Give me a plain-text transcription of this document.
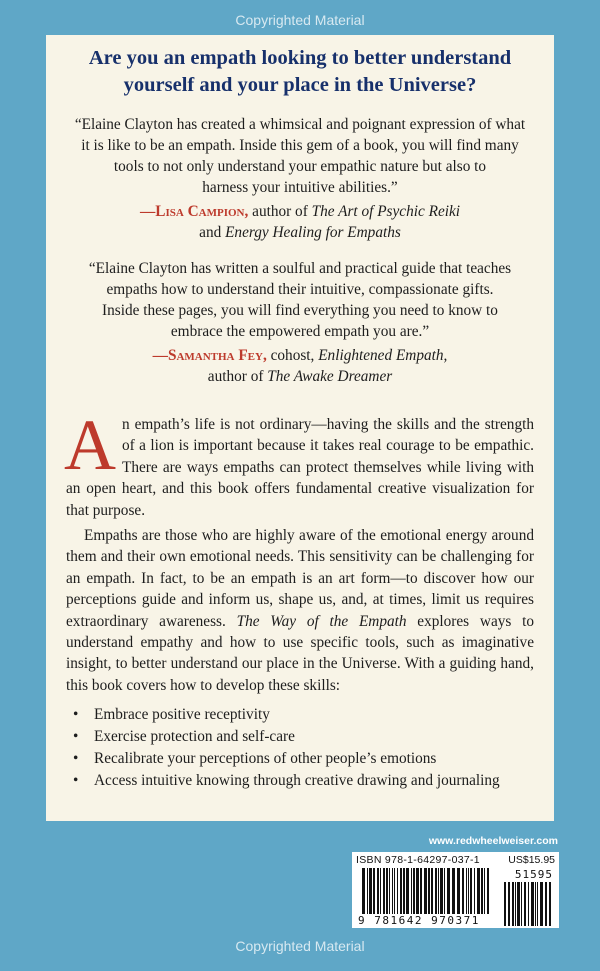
Copyrighted Material
Are you an empath looking to better understand
yourself and your place in the Universe?

“Elaine Clayton has created a whimsical and poignant expression of what
it is like to be an empath. Inside this gem of a book, you will find many
tools to not only understand your empathic nature but also to
harness your intuitive abilities.”

—Lisa Campion, author of The Art of Psychic Reiki
and Energy Healing for Empaths

“Elaine Clayton has written a soulful and practical guide that teaches
empaths how to understand their intuitive, compassionate gifts.
Inside these pages, you will find everything you need to know to
embrace the empowered empath you are.”

—Samantha Fey, cohost, Enlightened Empath,
author of The Awake Dreamer

An empath’s life is not ordinary—having the skills and the strength of a lion is important because it takes real courage to be empathic. There are ways empaths can protect themselves while living with an open heart, and this book offers fundamental creative visualization for that purpose.

Empaths are those who are highly aware of the emotional energy around them and their own emotional needs. This sensitivity can be challenging for an empath. In fact, to be an empath is an art form—to discover how our perceptions guide and inform us, shape us, and, at times, limit us requires extraordinary awareness. The Way of the Empath explores ways to understand empathy and how to use specific tools, such as imaginative insight, to better understand our place in the Universe. With a guiding hand, this book covers how to develop these skills:

• Embrace positive receptivity
• Exercise protection and self-care
• Recalibrate your perceptions of other people’s emotions
• Access intuitive knowing through creative drawing and journaling
www.redwheelweiser.com
ISBN 978-1-64297-037-1	US$15.95
51595
9 781642 970371
Copyrighted Material
